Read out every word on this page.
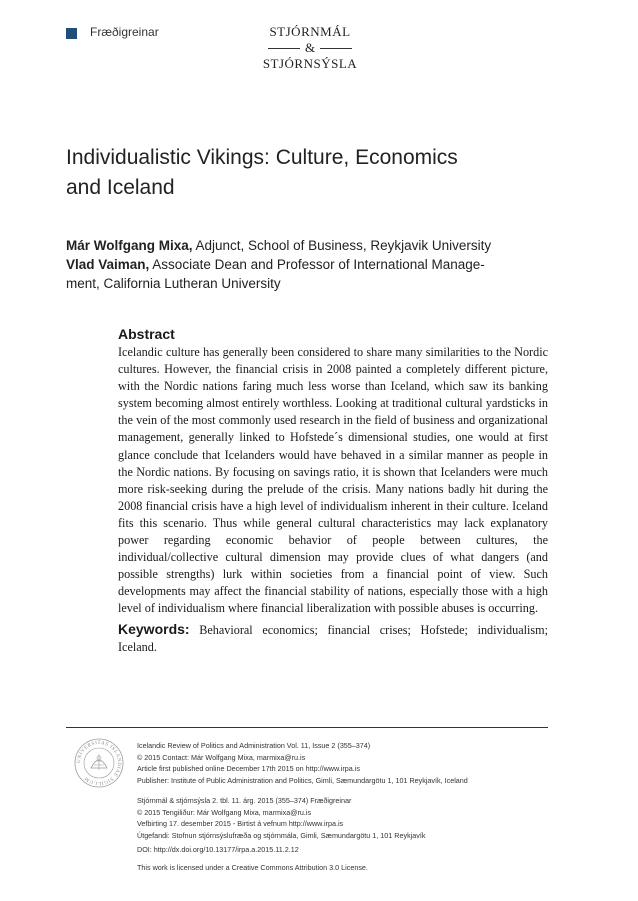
Fræðigreinar	STJÓRNMÁL
&
STJÓRNSÝSLA
Individualistic Vikings: Culture, Economics
and Iceland
Már Wolfgang Mixa, Adjunct, School of Business, Reykjavik University
Vlad Vaiman, Associate Dean and Professor of International Manage-
ment, California Lutheran University
Abstract

Icelandic culture has generally been considered to share many similarities to the Nordic cultures. However, the financial crisis in 2008 painted a completely different picture, with the Nordic nations faring much less worse than Iceland, which saw its banking system becoming almost entirely worthless. Looking at traditional cultural yardsticks in the vein of the most commonly used research in the field of business and organizational management, generally linked to Hofstede´s dimensional studies, one would at first glance conclude that Icelanders would have behaved in a similar manner as people in the Nordic nations. By focusing on savings ratio, it is shown that Icelanders were much more risk-seeking during the prelude of the crisis. Many nations badly hit during the 2008 financial crisis have a high level of individualism inherent in their culture. Iceland fits this scenario. Thus while general cultural characteristics may lack explanatory power regarding economic behavior of people between cultures, the individual/collective cultural dimension may provide clues of what dangers (and possible strengths) lurk within societies from a financial point of view. Such developments may affect the financial stability of nations, especially those with a high level of individualism where financial liberalization with possible abuses is occurring.

Keywords: Behavioral economics; financial crises; Hofstede; individualism; Iceland.
UNIVERSITAS ISLANDIAE SIGILLUM
Icelandic Review of Politics and Administration Vol. 11, Issue 2 (355–374)
© 2015 Contact: Már Wolfgang Mixa, marmixa@ru.is
Article first published online December 17th 2015 on http://www.irpa.is
Publisher: Institute of Public Administration and Politics, Gimli, Sæmundargötu 1, 101 Reykjavík, Iceland
Stjórnmál & stjórnsýsla 2. tbl. 11. árg. 2015 (355–374) Fræðigreinar
© 2015 Tengiliður: Már Wolfgang Mixa, marmixa@ru.is
Vefbirting 17. desember 2015 - Birtist á vefnum http://www.irpa.is
Útgefandi: Stofnun stjórnsýslufræða og stjórnmála, Gimli, Sæmundargötu 1, 101 Reykjavík
DOI: http://dx.doi.org/10.13177/irpa.a.2015.11.2.12
This work is licensed under a Creative Commons Attribution 3.0 License.
